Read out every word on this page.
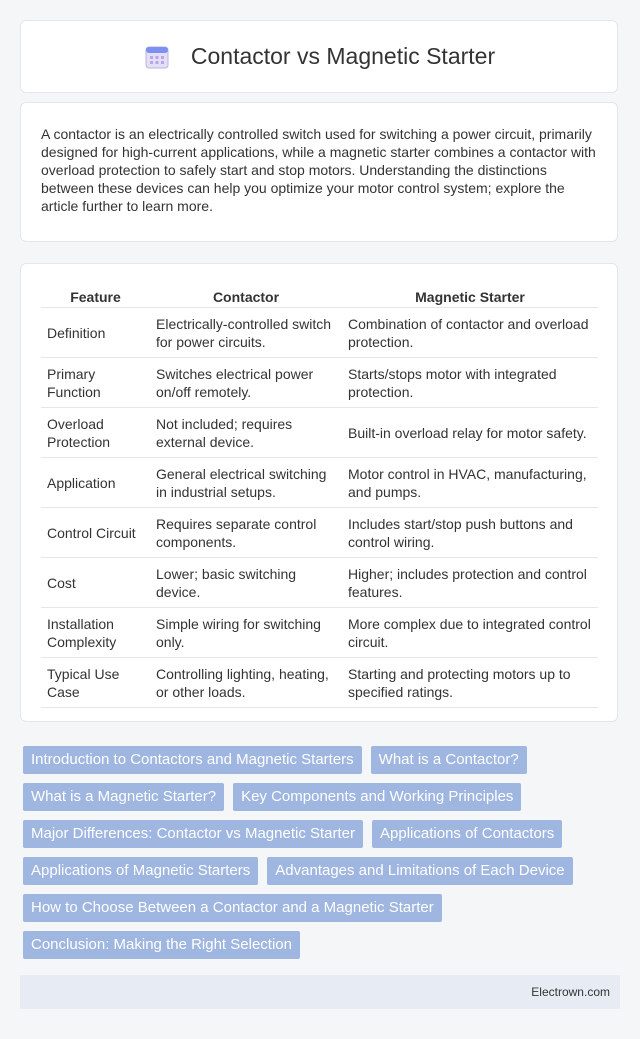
Contactor vs Magnetic Starter

A contactor is an electrically controlled switch used for switching a power circuit, primarily designed for high-current applications, while a magnetic starter combines a contactor with overload protection to safely start and stop motors. Understanding the distinctions between these devices can help you optimize your motor control system; explore the article further to learn more.

Feature	Contactor	Magnetic Starter
Definition	Electrically-controlled switch for power circuits.	Combination of contactor and overload protection.
Primary Function	Switches electrical power on/off remotely.	Starts/stops motor with integrated protection.
Overload Protection	Not included; requires external device.	Built-in overload relay for motor safety.
Application	General electrical switching in industrial setups.	Motor control in HVAC, manufacturing, and pumps.
Control Circuit	Requires separate control components.	Includes start/stop push buttons and control wiring.
Cost	Lower; basic switching device.	Higher; includes protection and control features.
Installation Complexity	Simple wiring for switching only.	More complex due to integrated control circuit.
Typical Use Case	Controlling lighting, heating, or other loads.	Starting and protecting motors up to specified ratings.
Introduction to Contactors and Magnetic Starters	What is a Contactor?
What is a Magnetic Starter?	Key Components and Working Principles
Major Differences: Contactor vs Magnetic Starter	Applications of Contactors
Applications of Magnetic Starters	Advantages and Limitations of Each Device
How to Choose Between a Contactor and a Magnetic Starter
Conclusion: Making the Right Selection
Electrown.com
